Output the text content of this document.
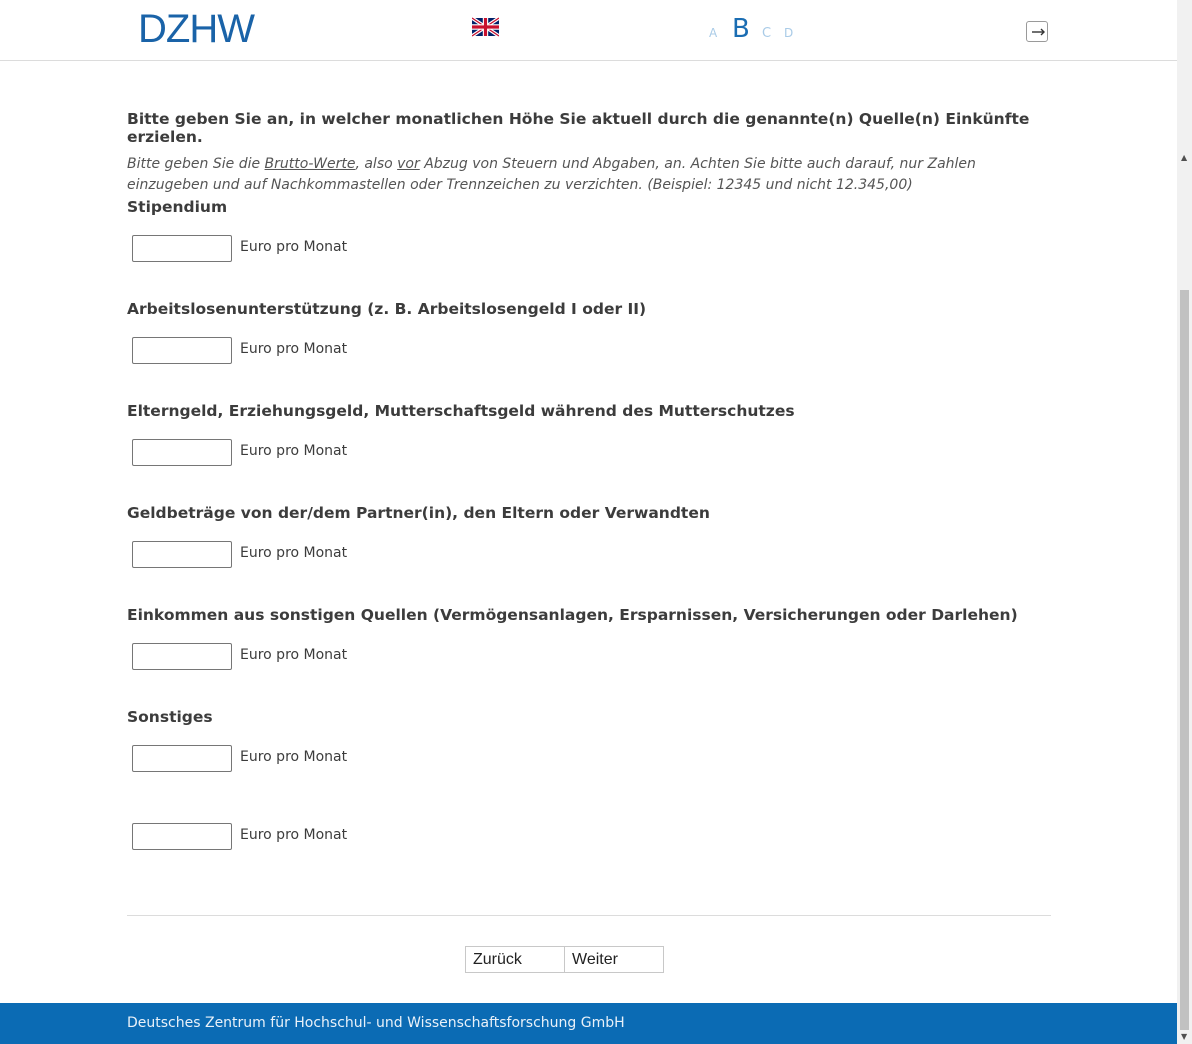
DZHW	A B C D
▲
▼
Bitte geben Sie an, in welcher monatlichen Höhe Sie aktuell durch die genannte(n) Quelle(n) Einkünfte erzielen.
Bitte geben Sie die Brutto-Werte, also vor Abzug von Steuern und Abgaben, an. Achten Sie bitte auch darauf, nur Zahlen einzugeben und auf Nachkommastellen oder Trennzeichen zu verzichten. (Beispiel: 12345 und nicht 12.345,00)
Stipendium
Euro pro Monat
Arbeitslosenunterstützung (z. B. Arbeitslosengeld I oder II)
Euro pro Monat
Elterngeld, Erziehungsgeld, Mutterschaftsgeld während des Mutterschutzes
Euro pro Monat
Geldbeträge von der/dem Partner(in), den Eltern oder Verwandten
Euro pro Monat
Einkommen aus sonstigen Quellen (Vermögensanlagen, Ersparnissen, Versicherungen oder Darlehen)
Euro pro Monat
Sonstiges
Euro pro Monat
Euro pro Monat
Zurück	Weiter
Deutsches Zentrum für Hochschul- und Wissenschaftsforschung GmbH
